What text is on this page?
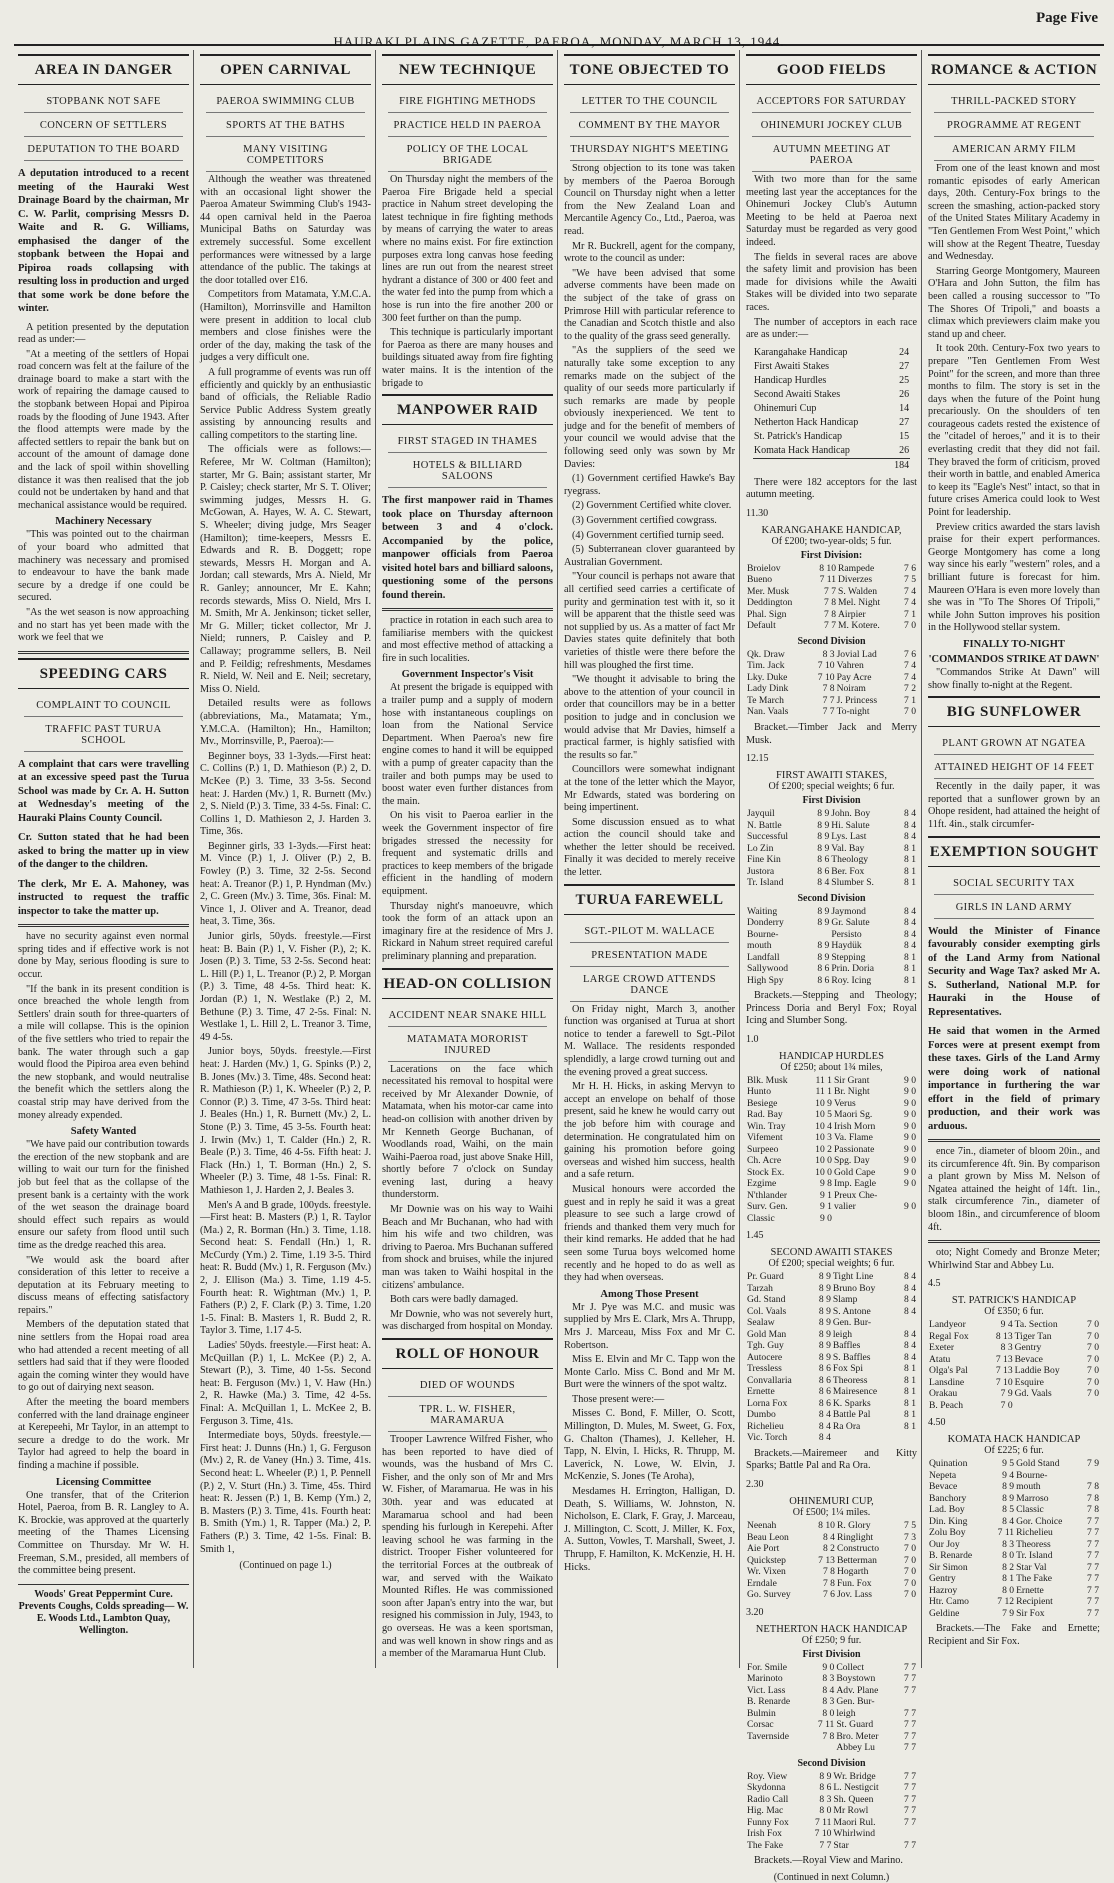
HAURAKI PLAINS GAZETTE, PAEROA, MONDAY, MARCH 13, 1944.
Page Five
AREA IN DANGER
STOPBANK NOT SAFE
CONCERN OF SETTLERS
DEPUTATION TO THE BOARD
A deputation introduced to a recent meeting of the Hauraki West Drainage Board by the chairman, Mr C. W. Parlit, comprising Messrs D. Waite and R. G. Williams, emphasised the danger of the stopbank between the Hopai and Pipiroa roads collapsing with resulting loss in production and urged that some work be done before the winter.
A petition presented by the deputation read as under:—
"At a meeting of the settlers of Hopai road concern was felt at the failure of the drainage board to make a start with the work of repairing the damage caused to the stopbank between Hopai and Pipiroa roads by the flooding of June 1943. After the flood attempts were made by the affected settlers to repair the bank but on account of the amount of damage done and the lack of spoil within shovelling distance it was then realised that the job could not be undertaken by hand and that mechanical assistance would be required.
Machinery Necessary
"This was pointed out to the chairman of your board who admitted that machinery was necessary and promised to endeavour to have the bank made secure by a dredge if one could be secured.
"As the wet season is now approaching and no start has yet been made with the work we feel that we
SPEEDING CARS
COMPLAINT TO COUNCIL
TRAFFIC PAST TURUA SCHOOL
A complaint that cars were travelling at an excessive speed past the Turua School was made by Cr. A. H. Sutton at Wednesday's meeting of the Hauraki Plains County Council.
Cr. Sutton stated that he had been asked to bring the matter up in view of the danger to the children.
The clerk, Mr E. A. Mahoney, was instructed to request the traffic inspector to take the matter up.
have no security against even normal spring tides and if effective work is not done by May, serious flooding is sure to occur.
"If the bank in its present condition is once breached the whole length from Settlers' drain south for three-quarters of a mile will collapse. This is the opinion of the five settlers who tried to repair the bank. The water through such a gap would flood the Pipiroa area even behind the new stopbank, and would neutralise the benefit which the settlers along the coastal strip may have derived from the money already expended.
Safety Wanted
"We have paid our contribution towards the erection of the new stopbank and are willing to wait our turn for the finished job but feel that as the collapse of the present bank is a certainty with the work of the wet season the drainage board should effect such repairs as would ensure our safety from flood until such time as the dredge reached this area.
"We would ask the board after consideration of this letter to receive a deputation at its February meeting to discuss means of effecting satisfactory repairs."
Members of the deputation stated that nine settlers from the Hopai road area who had attended a recent meeting of all settlers had said that if they were flooded again the coming winter they would have to go out of dairying next season.
After the meeting the board members conferred with the land drainage engineer at Kerepeehi, Mr Taylor, in an attempt to secure a dredge to do the work. Mr Taylor had agreed to help the board in finding a machine if possible.
Licensing Committee
One transfer, that of the Criterion Hotel, Paeroa, from B. R. Langley to A. K. Brockie, was approved at the quarterly meeting of the Thames Licensing Committee on Thursday. Mr W. H. Freeman, S.M., presided, all members of the committee being present.
Woods' Great Peppermint Cure. Prevents Coughs, Colds spreading— W. E. Woods Ltd., Lambton Quay, Wellington.
OPEN CARNIVAL
PAEROA SWIMMING CLUB
SPORTS AT THE BATHS
MANY VISITING COMPETITORS
Although the weather was threatened with an occasional light shower the Paeroa Amateur Swimming Club's 1943-44 open carnival held in the Paeroa Municipal Baths on Saturday was extremely successful. Some excellent performances were witnessed by a large attendance of the public. The takings at the door totalled over £16.
Competitors from Matamata, Y.M.C.A. (Hamilton), Morrinsville and Hamilton were present in addition to local club members and close finishes were the order of the day, making the task of the judges a very difficult one.
A full programme of events was run off efficiently and quickly by an enthusiastic band of officials, the Reliable Radio Service Public Address System greatly assisting by announcing results and calling competitors to the starting line.
The officials were as follows:—Referee, Mr W. Coltman (Hamilton); starter, Mr G. Bain; assistant starter, Mr P. Caisley; check starter, Mr S. T. Oliver; swimming judges, Messrs H. G. McGowan, A. Hayes, W. A. C. Stewart, S. Wheeler; diving judge, Mrs Seager (Hamilton); time-keepers, Messrs E. Edwards and R. B. Doggett; rope stewards, Messrs H. Morgan and A. Jordan; call stewards, Mrs A. Nield, Mr R. Ganley; announcer, Mr E. Kahn; records stewards, Miss O. Nield, Mrs I. M. Smith, Mr A. Jenkinson; ticket seller, Mr G. Miller; ticket collector, Mr J. Nield; runners, P. Caisley and P. Callaway; programme sellers, B. Neil and P. Feildig; refreshments, Mesdames R. Nield, W. Neil and E. Neil; secretary, Miss O. Nield.
Detailed results were as follows (abbreviations, Ma., Matamata; Ym., Y.M.C.A. (Hamilton); Hn., Hamilton; Mv., Morrinsville, P., Paeroa):—
Beginner boys, 33 1-3yds.—First heat: C. Collins (P.) 1, D. Mathieson (P.) 2, D. McKee (P.) 3. Time, 33 3-5s. Second heat: J. Harden (Mv.) 1, R. Burnett (Mv.) 2, S. Nield (P.) 3. Time, 33 4-5s. Final: C. Collins 1, D. Mathieson 2, J. Harden 3. Time, 36s.
Beginner girls, 33 1-3yds.—First heat: M. Vince (P.) 1, J. Oliver (P.) 2, B. Fowley (P.) 3. Time, 32 2-5s. Second heat: A. Treanor (P.) 1, P. Hyndman (Mv.) 2, C. Green (Mv.) 3. Time, 36s. Final: M. Vince 1, J. Oliver and A. Treanor, dead heat, 3. Time, 36s.
Junior girls, 50yds. freestyle.—First heat: B. Bain (P.) 1, V. Fisher (P.), 2; K. Josen (P.) 3. Time, 53 2-5s. Second heat: L. Hill (P.) 1, L. Treanor (P.) 2, P. Morgan (P.) 3. Time, 48 4-5s. Third heat: K. Jordan (P.) 1, N. Westlake (P.) 2, M. Bethune (P.) 3. Time, 47 2-5s. Final: N. Westlake 1, L. Hill 2, L. Treanor 3. Time, 49 4-5s.
Junior boys, 50yds. freestyle.—First heat: J. Harden (Mv.) 1, G. Spinks (P.) 2, B. Jones (Mv.) 3. Time, 48s. Second heat: R. Mathieson (P.) 1, K. Wheeler (P.) 2, P. Connor (P.) 3. Time, 47 3-5s. Third heat: J. Beales (Hn.) 1, R. Burnett (Mv.) 2, L. Stone (P.) 3. Time, 45 3-5s. Fourth heat: J. Irwin (Mv.) 1, T. Calder (Hn.) 2, R. Beale (P.) 3. Time, 46 4-5s. Fifth heat: J. Flack (Hn.) 1, T. Borman (Hn.) 2, S. Wheeler (P.) 3. Time, 48 1-5s. Final: R. Mathieson 1, J. Harden 2, J. Beales 3.
Men's A and B grade, 100yds. freestyle.—First heat: B. Masters (P.) 1, R. Taylor (Ma.) 2, R. Borman (Hn.) 3. Time, 1.18. Second heat: S. Fendall (Hn.) 1, R. McCurdy (Ym.) 2. Time, 1.19 3-5. Third heat: R. Budd (Mv.) 1, R. Ferguson (Mv.) 2, J. Ellison (Ma.) 3. Time, 1.19 4-5. Fourth heat: R. Wightman (Mv.) 1, P. Fathers (P.) 2, F. Clark (P.) 3. Time, 1.20 1-5. Final: B. Masters 1, R. Budd 2, R. Taylor 3. Time, 1.17 4-5.
Ladies' 50yds. freestyle.—First heat: A. McQuillan (P.) 1, L. McKee (P.) 2, A. Stewart (P.), 3. Time, 40 1-5s. Second heat: B. Ferguson (Mv.) 1, V. Haw (Hn.) 2, R. Hawke (Ma.) 3. Time, 42 4-5s. Final: A. McQuillan 1, L. McKee 2, B. Ferguson 3. Time, 41s.
Intermediate boys, 50yds. freestyle.—First heat: J. Dunns (Hn.) 1, G. Ferguson (Mv.) 2, R. de Vaney (Hn.) 3. Time, 41s. Second heat: L. Wheeler (P.) 1, P. Pennell (P.) 2, V. Sturt (Hn.) 3. Time, 45s. Third heat: R. Jessen (P.) 1, B. Kemp (Ym.) 2, B. Masters (P.) 3. Time, 41s. Fourth heat: B. Smith (Ym.) 1, R. Tapper (Ma.) 2, P. Fathers (P.) 3. Time, 42 1-5s. Final: B. Smith 1,
(Continued on page 1.)
NEW TECHNIQUE
FIRE FIGHTING METHODS
PRACTICE HELD IN PAEROA
POLICY OF THE LOCAL BRIGADE
On Thursday night the members of the Paeroa Fire Brigade held a special practice in Nahum street developing the latest technique in fire fighting methods by means of carrying the water to areas where no mains exist. For fire extinction purposes extra long canvas hose feeding lines are run out from the nearest street hydrant a distance of 300 or 400 feet and the water fed into the pump from which a hose is run into the fire another 200 or 300 feet further on than the pump.
This technique is particularly important for Paeroa as there are many houses and buildings situated away from fire fighting water mains. It is the intention of the brigade to
MANPOWER RAID
FIRST STAGED IN THAMES
HOTELS & BILLIARD SALOONS
The first manpower raid in Thames took place on Thursday afternoon between 3 and 4 o'clock. Accompanied by the police, manpower officials from Paeroa visited hotel bars and billiard saloons, questioning some of the persons found therein.
practice in rotation in each such area to familiarise members with the quickest and most effective method of attacking a fire in such localities.
Government Inspector's Visit
At present the brigade is equipped with a trailer pump and a supply of modern hose with instantaneous couplings on loan from the National Service Department. When Paeroa's new fire engine comes to hand it will be equipped with a pump of greater capacity than the trailer and both pumps may be used to boost water even further distances from the main.
On his visit to Paeroa earlier in the week the Government inspector of fire brigades stressed the necessity for frequent and systematic drills and practices to keep members of the brigade efficient in the handling of modern equipment.
Thursday night's manoeuvre, which took the form of an attack upon an imaginary fire at the residence of Mrs J. Rickard in Nahum street required careful preliminary planning and preparation.
HEAD-ON COLLISION
ACCIDENT NEAR SNAKE HILL
MATAMATA MORORIST INJURED
Lacerations on the face which necessitated his removal to hospital were received by Mr Alexander Downie, of Matamata, when his motor-car came into head-on collision with another driven by Mr Kenneth George Buchanan, of Woodlands road, Waihi, on the main Waihi-Paeroa road, just above Snake Hill, shortly before 7 o'clock on Sunday evening last, during a heavy thunderstorm.
Mr Downie was on his way to Waihi Beach and Mr Buchanan, who had with him his wife and two children, was driving to Paeroa. Mrs Buchanan suffered from shock and bruises, while the injured man was taken to Waihi hospital in the citizens' ambulance.
Both cars were badly damaged.
Mr Downie, who was not severely hurt, was discharged from hospital on Monday.
ROLL OF HONOUR
DIED OF WOUNDS
TPR. L. W. FISHER, MARAMARUA
Trooper Lawrence Wilfred Fisher, who has been reported to have died of wounds, was the husband of Mrs C. Fisher, and the only son of Mr and Mrs W. Fisher, of Maramarua. He was in his 30th. year and was educated at Maramarua school and had been spending his furlough in Kerepehi. After leaving school he was farming in the district. Trooper Fisher volunteered for the territorial Forces at the outbreak of war, and served with the Waikato Mounted Rifles. He was commissioned soon after Japan's entry into the war, but resigned his commission in July, 1943, to go overseas. He was a keen sportsman, and was well known in show rings and as a member of the Maramarua Hunt Club.
TONE OBJECTED TO
LETTER TO THE COUNCIL
COMMENT BY THE MAYOR
THURSDAY NIGHT'S MEETING
Strong objection to its tone was taken by members of the Paeroa Borough Council on Thursday night when a letter from the New Zealand Loan and Mercantile Agency Co., Ltd., Paeroa, was read.
Mr R. Buckrell, agent for the company, wrote to the council as under:
"We have been advised that some adverse comments have been made on the subject of the take of grass on Primrose Hill with particular reference to the Canadian and Scotch thistle and also to the quality of the grass seed generally.
"As the suppliers of the seed we naturally take some exception to any remarks made on the subject of the quality of our seeds more particularly if such remarks are made by people obviously inexperienced. We tent to judge and for the benefit of members of your council we would advise that the following seed only was sown by Mr Davies:
(1) Government certified Hawke's Bay ryegrass.
(2) Government Certified white clover.
(3) Government certified cowgrass.
(4) Government certified turnip seed.
(5) Subterranean clover guaranteed by Australian Government.
"Your council is perhaps not aware that all certified seed carries a certificate of purity and germination test with it, so it will be apparent that the thistle seed was not supplied by us. As a matter of fact Mr Davies states quite definitely that both varieties of thistle were there before the hill was ploughed the first time.
"We thought it advisable to bring the above to the attention of your council in order that councillors may be in a better position to judge and in conclusion we would advise that Mr Davies, himself a practical farmer, is highly satisfied with the results so far."
Councillors were somewhat indignant at the tone of the letter which the Mayor, Mr Edwards, stated was bordering on being impertinent.
Some discussion ensued as to what action the council should take and whether the letter should be received. Finally it was decided to merely receive the letter.
TURUA FAREWELL
SGT.-PILOT M. WALLACE
PRESENTATION MADE
LARGE CROWD ATTENDS DANCE
On Friday night, March 3, another function was organised at Turua at short notice to tender a farewell to Sgt.-Pilot M. Wallace. The residents responded splendidly, a large crowd turning out and the evening proved a great success.
Mr H. H. Hicks, in asking Mervyn to accept an envelope on behalf of those present, said he knew he would carry out the job before him with courage and determination. He congratulated him on gaining his promotion before going overseas and wished him success, health and a safe return.
Musical honours were accorded the guest and in reply he said it was a great pleasure to see such a large crowd of friends and thanked them very much for their kind remarks. He added that he had seen some Turua boys welcomed home recently and he hoped to do as well as they had when overseas.
Among Those Present
Mr J. Pye was M.C. and music was supplied by Mrs E. Clark, Mrs A. Thrupp, Mrs J. Marceau, Miss Fox and Mr C. Robertson.
Miss E. Elvin and Mr C. Tapp won the Monte Carlo. Miss C. Bond and Mr M. Burt were the winners of the spot waltz.
Those present were:—
Misses C. Bond, F. Miller, O. Scott, Millington, D. Mules, M. Sweet, G. Fox, G. Chalton (Thames), J. Kelleher, H. Tapp, N. Elvin, I. Hicks, R. Thrupp, M. Laverick, N. Lowe, W. Elvin, J. McKenzie, S. Jones (Te Aroha),
Mesdames H. Errington, Halligan, D. Death, S. Williams, W. Johnston, N. Nicholson, E. Clark, F. Gray, J. Marceau, J. Millington, C. Scott, J. Miller, K. Fox, A. Sutton, Vowles, T. Marshall, Sweet, J. Thrupp, F. Hamilton, K. McKenzie, H. H. Hicks.
GOOD FIELDS
ACCEPTORS FOR SATURDAY
OHINEMURI JOCKEY CLUB
AUTUMN MEETING AT PAEROA
With two more than for the same meeting last year the acceptances for the Ohinemuri Jockey Club's Autumn Meeting to be held at Paeroa next Saturday must be regarded as very good indeed.
The fields in several races are above the safety limit and provision has been made for divisions while the Awaiti Stakes will be divided into two separate races.
The number of acceptors in each race are as under:—
Karangahake Handicap	24
First Awaiti Stakes	27
Handicap Hurdles	25
Second Awaiti Stakes	26
Ohinemuri Cup	14
Netherton Hack Handicap	27
St. Patrick's Handicap	15
Komata Hack Handicap	26
	184
There were 182 acceptors for the last autumn meeting.
11.30
KARANGAHAKE HANDICAP,
Of £200; two-year-olds; 5 fur.
First Division:
Broielov	8 10	Rampede	7 6
Bueno	7 11	Diverzes	7 5
Mer. Musk	7 7	S. Walden	7 4
Deddington	7 8	Mel. Night	7 4
Phal. Sign	7 8	Airpier	7 1
Default	7 7	M. Kotere.	7 0
Second Division
Qk. Draw	8 3	Jovial Lad	7 6
Tim. Jack	7 10	Vahren	7 4
Lky. Duke	7 10	Pay Acre	7 4
Lady Dink	7 8	Noiram	7 2
Te March	7 7	J. Princess	7 1
Nan. Vaals	7 7	To-night	7 0
Bracket.—Timber Jack and Merry Musk.
12.15
FIRST AWAITI STAKES,
Of £200; special weights; 6 fur.
First Division
Jayquil	8 9	John. Boy	8 4
N. Battle	8 9	Hi. Salute	8 4
Successful	8 9	Lys. Last	8 4
Lo Zin	8 9	Val. Bay	8 1
Fine Kin	8 6	Theology	8 1
Justora	8 6	Ber. Fox	8 1
Tr. Island	8 4	Slumber S.	8 1
Second Division
Waiting	8 9	Jaymond	8 4
Donderry	8 9	Gr. Salute	8 4
Bourne-		Persisto	8 4
mouth	8 9	Haydük	8 4
Landfall	8 9	Stepping	8 1
Sallywood	8 6	Prin. Doria	8 1
High Spy	8 6	Roy. Icing	8 1
Brackets.—Stepping and Theology; Princess Doria and Beryl Fox; Royal Icing and Slumber Song.
1.0
HANDICAP HURDLES
Of £250; about 1¾ miles,
Blk. Musk	11 1	Sir Grant	9 0
Hunto	11 1	Br. Night	9 0
Besiege	10 9	Verus	9 0
Rad. Bay	10 5	Maori Sg.	9 0
Win. Tray	10 4	Irish Morn	9 0
Vifement	10 3	Va. Flame	9 0
Surpeeo	10 2	Passionate	9 0
Ch. Acre	10 0	Spg. Day	9 0
Stock Ex.	10 0	Gold Cape	9 0
Ezgime	9 8	Imp. Eagle	9 0
N'thlander	9 1	Preux Che-	
Surv. Gen.	9 1	valier	9 0
Classic	9 0		
1.45
SECOND AWAITI STAKES
Of £200; special weights; 6 fur.
Pr. Guard	8 9	Tight Line	8 4
Tarzah	8 9	Bruno Boy	8 4
Gd. Stand	8 9	Slamp	8 4
Col. Vaals	8 9	S. Antone	8 4
Sealaw	8 9	Gen. Bur-	
Gold Man	8 9	leigh	8 4
Tgh. Guy	8 9	Baffles	8 4
Autocere	8 9	S. Baffles	8 4
Tressless	8 6	Fox Spi	8 1
Convallaria	8 6	Theoress	8 1
Ernette	8 6	Mairesence	8 1
Lorna Fox	8 6	K. Sparks	8 1
Dumbo	8 4	Battle Pal	8 1
Richelieu	8 4	Ra Ora	8 1
Vic. Torch	8 4		
Brackets.—Mairemeer and Kitty Sparks; Battle Pal and Ra Ora.
2.30
OHINEMURI CUP,
Of £500; 1¼ miles.
Neenah	8 10	R. Glory	7 5
Beau Leon	8 4	Ringlight	7 3
Aie Port	8 2	Constructo	7 0
Quickstep	7 13	Betterman	7 0
Wr. Vixen	7 8	Hogarth	7 0
Erndale	7 8	Fun. Fox	7 0
Go. Survey	7 6	Jov. Lass	7 0
3.20
NETHERTON HACK HANDICAP
Of £250; 9 fur.
First Division
For. Smile	9 0	Collect	7 7
Marinoto	8 3	Boystown	7 7
Vict. Lass	8 4	Adv. Plane	7 7
B. Renarde	8 3	Gen. Bur-	
Bulmin	8 0	leigh	7 7
Corsac	7 11	St. Guard	7 7
Tavernside	7 8	Bro. Meter	7 7
		Abbey Lu	7 7
Second Division
Roy. View	8 9	Wr. Bridge	7 7
Skydonna	8 6	L. Nestigcit	7 7
Radio Call	8 3	Sh. Queen	7 7
Hig. Mac	8 0	Mr Rowl	7 7
Funny Fox	7 11	Maori Rul.	7 7
Irish Fox	7 10	Whirlwind	
The Fake	7 7	Star	7 7
Brackets.—Royal View and Marino.
(Continued in next Column.)
ROMANCE & ACTION
THRILL-PACKED STORY
PROGRAMME AT REGENT
AMERICAN ARMY FILM
From one of the least known and most romantic episodes of early American days, 20th. Century-Fox brings to the screen the smashing, action-packed story of the United States Military Academy in "Ten Gentlemen From West Point," which will show at the Regent Theatre, Tuesday and Wednesday.
Starring George Montgomery, Maureen O'Hara and John Sutton, the film has been called a rousing successor to "To The Shores Of Tripoli," and boasts a climax which previewers claim make you stand up and cheer.
It took 20th. Century-Fox two years to prepare "Ten Gentlemen From West Point" for the screen, and more than three months to film. The story is set in the days when the future of the Point hung precariously. On the shoulders of ten courageous cadets rested the existence of the "citadel of heroes," and it is to their everlasting credit that they did not fail. They braved the form of criticism, proved their worth in battle, and enabled America to keep its "Eagle's Nest" intact, so that in future crises America could look to West Point for leadership.
Preview critics awarded the stars lavish praise for their expert performances. George Montgomery has come a long way since his early "western" roles, and a brilliant future is forecast for him. Maureen O'Hara is even more lovely than she was in "To The Shores Of Tripoli," while John Sutton improves his position in the Hollywood stellar system.
FINALLY TO-NIGHT
'COMMANDOS STRIKE AT DAWN'
"Commandos Strike At Dawn" will show finally to-night at the Regent.
BIG SUNFLOWER
PLANT GROWN AT NGATEA
ATTAINED HEIGHT OF 14 FEET
Recently in the daily paper, it was reported that a sunflower grown by an Ohope resident, had attained the height of 11ft. 4in., stalk circumfer-
EXEMPTION SOUGHT
SOCIAL SECURITY TAX
GIRLS IN LAND ARMY
Would the Minister of Finance favourably consider exempting girls of the Land Army from National Security and Wage Tax? asked Mr A. S. Sutherland, National M.P. for Hauraki in the House of Representatives.
He said that women in the Armed Forces were at present exempt from these taxes. Girls of the Land Army were doing work of national importance in furthering the war effort in the field of primary production, and their work was arduous.
ence 7in., diameter of bloom 20in., and its circumference 4ft. 9in. By comparison a plant grown by Miss M. Nelson of Ngatea attained the height of 14ft. 1in., stalk circumference 7in., diameter of bloom 18in., and circumference of bloom 4ft.
oto; Night Comedy and Bronze Meter; Whirlwind Star and Abbey Lu.
4.5
ST. PATRICK'S HANDICAP
Of £350; 6 fur.
Landyeor	9 4	Ta. Section	7 0
Regal Fox	8 13	Tiger Tan	7 0
Exeter	8 3	Gentry	7 0
Atatu	7 13	Bevace	7 0
Olga's Pal	7 13	Laddie Boy	7 0
Lansdine	7 10	Esquire	7 0
Orakau	7 9	Gd. Vaals	7 0
B. Peach	7 0		
4.50
KOMATA HACK HANDICAP
Of £225; 6 fur.
Quination	9 5	Gold Stand	7 9
Nepeta	9 4	Bourne-	
Bevace	8 9	mouth	7 8
Banchory	8 9	Marroso	7 8
Lad. Boy	8 5	Classic	7 8
Din. King	8 4	Gor. Choice	7 7
Zolu Boy	7 11	Richelieu	7 7
Our Joy	8 3	Theoress	7 7
B. Renarde	8 0	Tr. Island	7 7
Sir Simon	8 2	Star Val	7 7
Gentry	8 1	The Fake	7 7
Hazroy	8 0	Ernette	7 7
Htr. Camo	7 12	Recipient	7 7
Geldine	7 9	Sir Fox	7 7
Brackets.—The Fake and Ernette; Recipient and Sir Fox.
